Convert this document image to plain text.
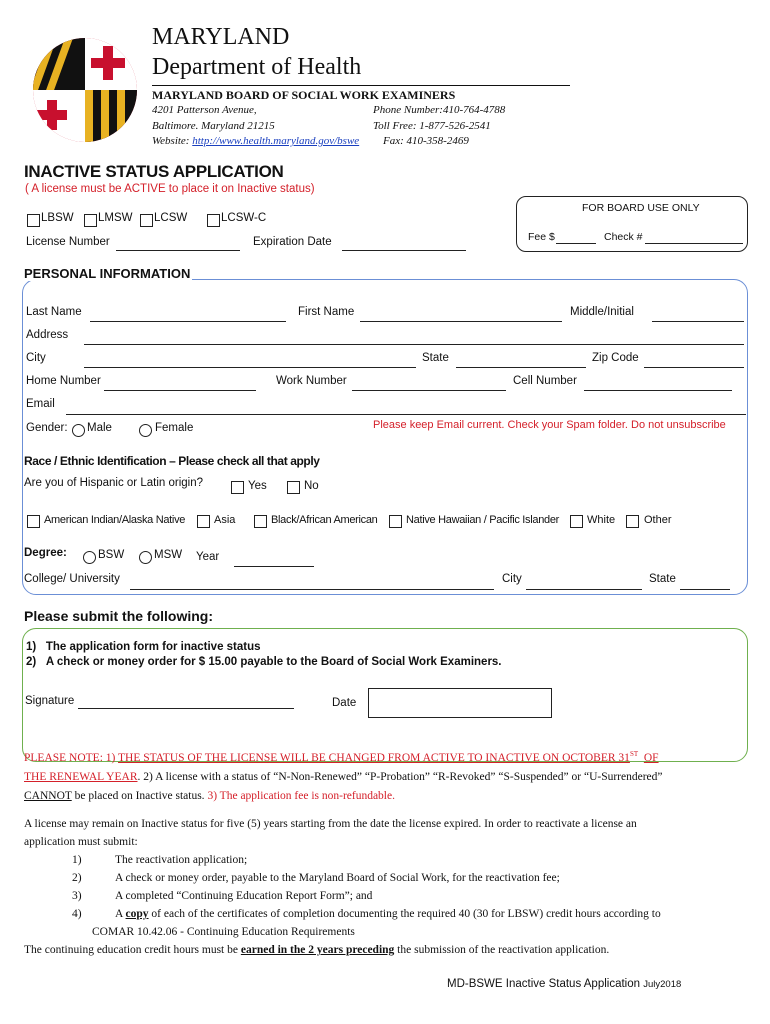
MARYLAND
Department of Health
MARYLAND BOARD OF SOCIAL WORK EXAMINERS
4201 Patterson Avenue,
Baltimore. Maryland 21215
Website: http://www.health.maryland.gov/bswe
Phone Number:410-764-4788
Toll Free: 1-877-526-2541
Fax: 410-358-2469
INACTIVE STATUS APPLICATION
( A license must be ACTIVE to place it on Inactive status)
LBSW LMSW LCSW	LCSW-C
License Number	Expiration Date
FOR BOARD USE ONLY
Fee $	Check #
PERSONAL INFORMATION
Last Name	First Name	Middle/Initial
Address
City	State	Zip Code
Home Number	Work Number	Cell Number
Email
Gender: Male	Female	Please keep Email current. Check your Spam folder. Do not unsubscribe
Race / Ethnic Identification – Please check all that apply
Are you of Hispanic or Latin origin?	Yes	No
American Indian/Alaska Native	Asia	Black/African American	Native Hawaiian / Pacific Islander	White	Other
Degree:	BSW	MSW Year
College/ University	City	State
Please submit the following:
1) The application form for inactive status
2) A check or money order for $ 15.00 payable to the Board of Social Work Examiners.
Signature	Date
PLEASE NOTE: 1) THE STATUS OF THE LICENSE WILL BE CHANGED FROM ACTIVE TO INACTIVE ON OCTOBER 31ST OF
THE RENEWAL YEAR. 2) A license with a status of “N-Non-Renewed” “P-Probation” “R-Revoked” “S-Suspended” or “U-Surrendered”
CANNOT be placed on Inactive status. 3) The application fee is non-refundable.
A license may remain on Inactive status for five (5) years starting from the date the license expired. In order to reactivate a license an
application must submit:
1)	The reactivation application;
2)	A check or money order, payable to the Maryland Board of Social Work, for the reactivation fee;
3)	A completed “Continuing Education Report Form”; and
4)	A copy of each of the certificates of completion documenting the required 40 (30 for LBSW) credit hours according to
COMAR 10.42.06 - Continuing Education Requirements
The continuing education credit hours must be earned in the 2 years preceding the submission of the reactivation application.
MD-BSWE Inactive Status Application July2018
